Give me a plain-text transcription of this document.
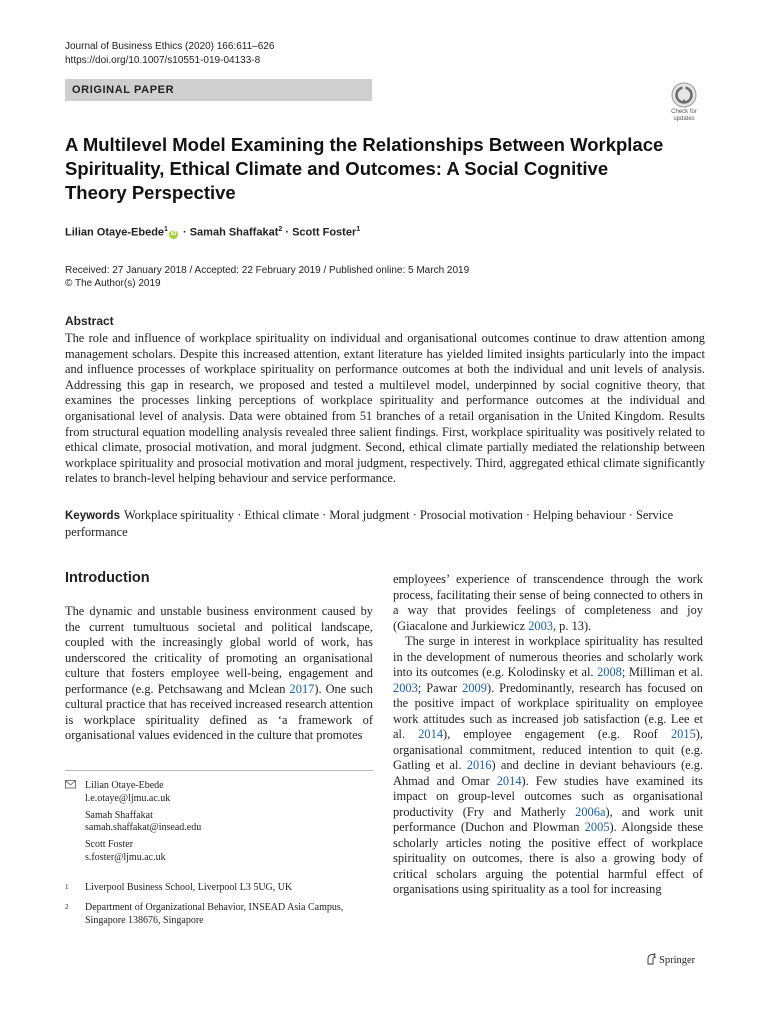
Journal of Business Ethics (2020) 166:611–626
https://doi.org/10.1007/s10551-019-04133-8
ORIGINAL PAPER
Check for updates
A Multilevel Model Examining the Relationships Between Workplace Spirituality, Ethical Climate and Outcomes: A Social Cognitive Theory Perspective
Lilian Otaye-Ebede$^1$iD · Samah Shaffakat$^2$ · Scott Foster$^1$
Received: 27 January 2018 / Accepted: 22 February 2019 / Published online: 5 March 2019
© The Author(s) 2019
Abstract
The role and influence of workplace spirituality on individual and organisational outcomes continue to draw attention among management scholars. Despite this increased attention, extant literature has yielded limited insights particularly into the impact and influence processes of workplace spirituality on performance outcomes at both the individual and unit levels of analysis. Addressing this gap in research, we proposed and tested a multilevel model, underpinned by social cognitive theory, that examines the processes linking perceptions of workplace spirituality and performance outcomes at the individual and organisational level of analysis. Data were obtained from 51 branches of a retail organisation in the United Kingdom. Results from structural equation modelling analysis revealed three salient findings. First, workplace spirituality was positively related to ethical climate, prosocial motivation, and moral judgment. Second, ethical climate partially mediated the relationship between workplace spirituality and prosocial motivation and moral judgment, respectively. Third, aggregated ethical climate significantly relates to branch-level helping behaviour and service performance.
Keywords Workplace spirituality · Ethical climate · Moral judgment · Prosocial motivation · Helping behaviour · Service performance
Introduction
The dynamic and unstable business environment caused by the current tumultuous societal and political landscape, coupled with the increasingly global world of work, has underscored the criticality of promoting an organisational culture that fosters employee well-being, engagement and performance (e.g. Petchsawang and Mclean 2017). One such cultural practice that has received increased research attention is workplace spirituality defined as ‘a framework of organisational values evidenced in the culture that promotes
Lilian Otaye-Ebede
l.e.otaye@ljmu.ac.uk
Samah Shaffakat
samah.shaffakat@insead.edu
Scott Foster
s.foster@ljmu.ac.uk
1	Liverpool Business School, Liverpool L3 5UG, UK
2	Department of Organizational Behavior, INSEAD Asia Campus, Singapore 138676, Singapore

employees’ experience of transcendence through the work process, facilitating their sense of being connected to others in a way that provides feelings of completeness and joy (Giacalone and Jurkiewicz 2003, p. 13).

The surge in interest in workplace spirituality has resulted in the development of numerous theories and scholarly work into its outcomes (e.g. Kolodinsky et al. 2008; Milliman et al. 2003; Pawar 2009). Predominantly, research has focused on the positive impact of workplace spirituality on employee work attitudes such as increased job satisfaction (e.g. Lee et al. 2014), employee engagement (e.g. Roof 2015), organisational commitment, reduced intention to quit (e.g. Gatling et al. 2016) and decline in deviant behaviours (e.g. Ahmad and Omar 2014). Few studies have examined its impact on group-level outcomes such as organisational productivity (Fry and Matherly 2006a), and work unit performance (Duchon and Plowman 2005). Alongside these scholarly articles noting the positive effect of workplace spirituality on outcomes, there is also a growing body of critical scholars arguing the potential harmful effect of organisations using spirituality as a tool for increasing

Springer
